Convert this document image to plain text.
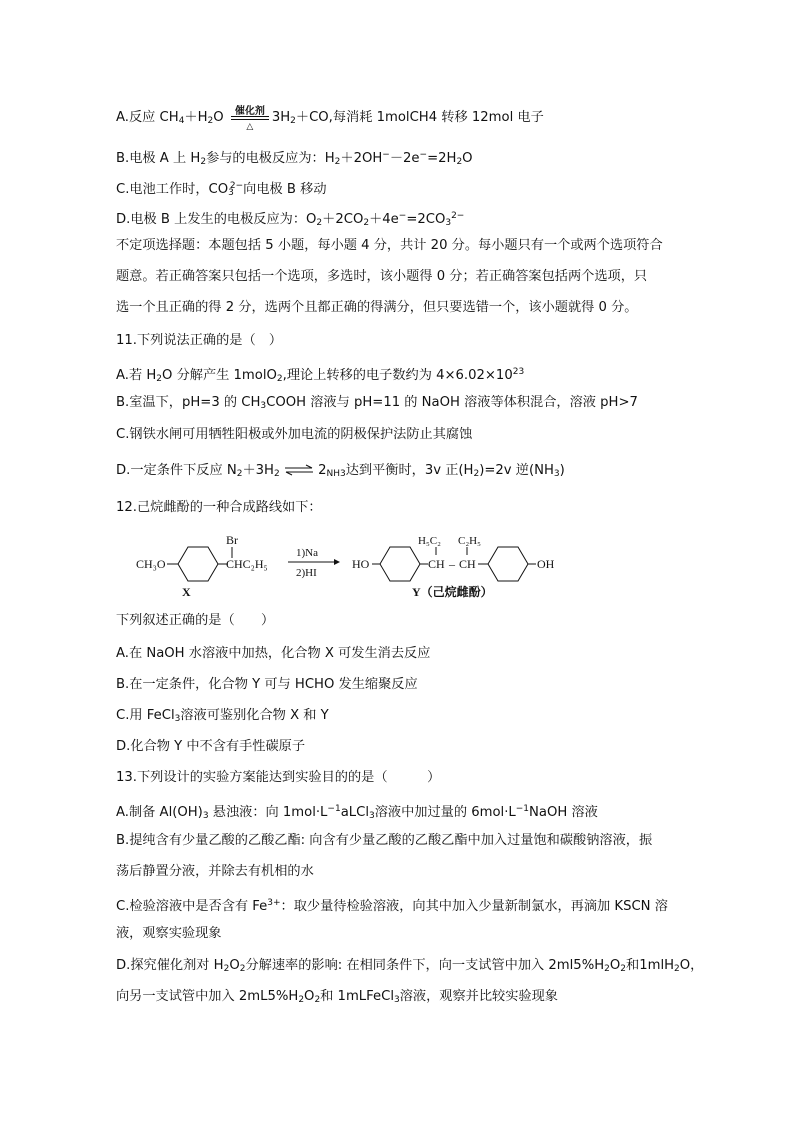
A.反应 $CH_4+H_2O$	催化剂
△
$3H_2+CO$,每消耗 1molCH4 转移 12mol 电子
B.电极 A 上 $H_2$参与的电极反应为：$H_2+2OH^--2e^-=2H_2O$
C.电池工作时，$CO_3^{2-}$向电极 B 移动
D.电极 B 上发生的电极反应为：$O_2+2CO_2+4e^-=2CO_3^{2-}$
不定项选择题：本题包括 5 小题，每小题 4 分，共计 20 分。每小题只有一个或两个选项符合
题意。若正确答案只包括一个选项，多选时，该小题得 0 分；若正确答案包括两个选项，只
选一个且正确的得 2 分，选两个且都正确的得满分，但只要选错一个，该小题就得 0 分。
11.下列说法正确的是（　）
A.若 $H_2O$ 分解产生 1molO$_2$,理论上转移的电子数约为 $4\times 6.02\times 10^{23}$
B.室温下，pH=3 的 $CH_3COOH$ 溶液与 pH=11 的 NaOH 溶液等体积混合，溶液 pH>7
C.钢铁水闸可用牺牲阳极或外加电流的阴极保护法防止其腐蚀
D.一定条件下反应 $N_2+3H_2$ ⇌ $2_{NH3}$达到平衡时，3v 正$(H_2)=2v$ 逆$(NH_3)$
12.己烷雌酚的一种合成路线如下：
CH₃O
Br
CHC₂H₅
X
1)Na
2)HI
HO
H₅C₂
CH –
C₂H₅
CH	OH
Y（己烷雌酚）
下列叙述正确的是（　　）
A.在 NaOH 水溶液中加热，化合物 X 可发生消去反应
B.在一定条件，化合物 Y 可与 HCHO 发生缩聚反应
C.用 FeCl$_3$溶液可鉴别化合物 X 和 Y
D.化合物 Y 中不含有手性碳原子
13.下列设计的实验方案能达到实验目的的是（　　　）
A.制备 $Al(OH)_3$ 悬浊液：向 $1mol\cdot L^{-1}aLCl_3$溶液中加过量的 $6mol\cdot L^{-1}NaOH$ 溶液
B.提纯含有少量乙酸的乙酸乙酯: 向含有少量乙酸的乙酸乙酯中加入过量饱和碳酸钠溶液，振
荡后静置分液，并除去有机相的水
C.检验溶液中是否含有 $Fe^{3+}$：取少量待检验溶液，向其中加入少量新制氯水，再滴加 KSCN 溶
液，观察实验现象
D.探究催化剂对 $H_2O_2$分解速率的影响: 在相同条件下，向一支试管中加入 $2ml5\%H_2O_2$和1mlH$_2$O，
向另一支试管中加入 $2mL5\%H_2O_2$和 1mLFeCl$_3$溶液，观察并比较实验现象
